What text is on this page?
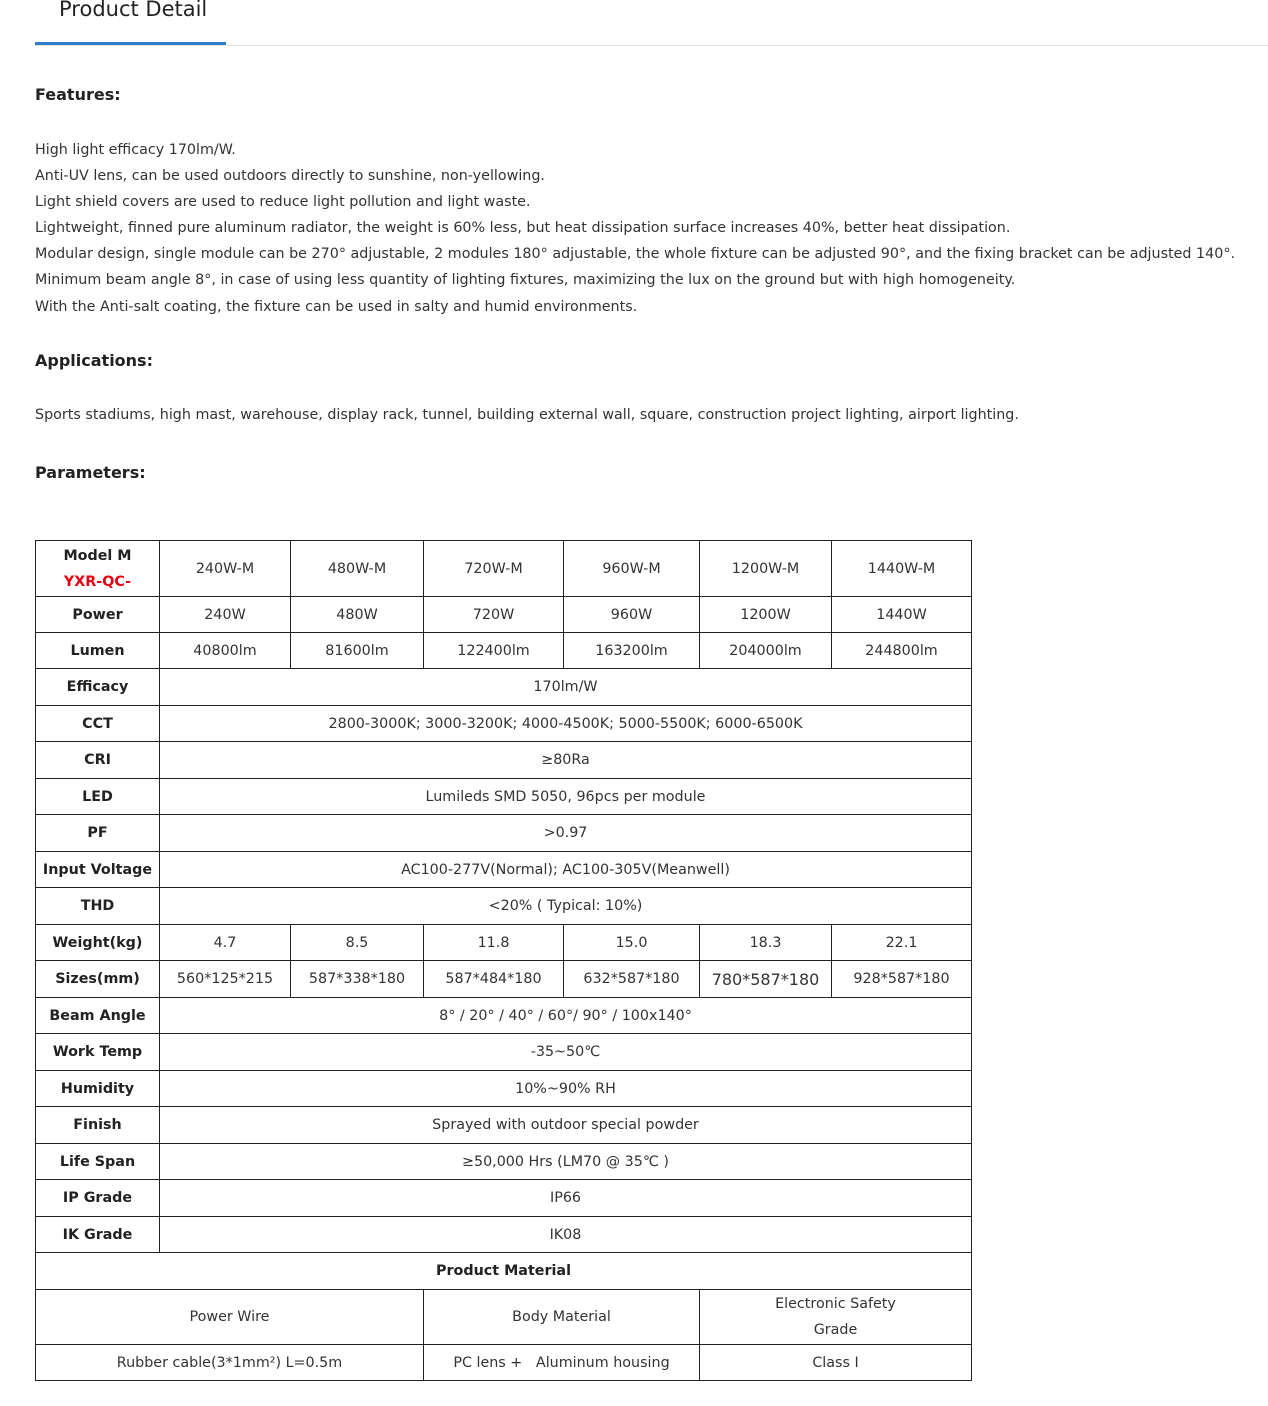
Product Detail
Features:
High light efficacy 170lm/W.
Anti-UV lens, can be used outdoors directly to sunshine, non-yellowing.
Light shield covers are used to reduce light pollution and light waste.
Lightweight, finned pure aluminum radiator, the weight is 60% less, but heat dissipation surface increases 40%, better heat dissipation.
Modular design, single module can be 270° adjustable, 2 modules 180° adjustable, the whole fixture can be adjusted 90°, and the fixing bracket can be adjusted 140°.
Minimum beam angle 8°, in case of using less quantity of lighting fixtures, maximizing the lux on the ground but with high homogeneity.
With the Anti-salt coating, the fixture can be used in salty and humid environments.
Applications:

Sports stadiums, high mast, warehouse, display rack, tunnel, building external wall, square, construction project lighting, airport lighting.

Parameters:
Model M
YXR-QC-	240W-M	480W-M	720W-M	960W-M	1200W-M	1440W-M
Power	240W	480W	720W	960W	1200W	1440W
Lumen	40800lm	81600lm	122400lm	163200lm	204000lm	244800lm
Efficacy	170lm/W					
CCT	2800-3000K; 3000-3200K; 4000-4500K; 5000-5500K; 6000-6500K					
CRI	≥80Ra					
LED	Lumileds SMD 5050, 96pcs per module					
PF	>0.97					
Input Voltage	AC100-277V(Normal); AC100-305V(Meanwell)					
THD	<20% ( Typical: 10%)					
Weight(kg)	4.7	8.5	11.8	15.0	18.3	22.1
Sizes(mm)	560*125*215	587*338*180	587*484*180	632*587*180	780*587*180	928*587*180
Beam Angle	8° / 20° / 40° / 60°/ 90° / 100x140°					
Work Temp	-35~50℃					
Humidity	10%~90% RH					
Finish	Sprayed with outdoor special powder					
Life Span	≥50,000 Hrs (LM70 @ 35℃ )					
IP Grade	IP66					
IK Grade	IK08					
Product Material						
Power Wire			Body Material		Electronic Safety Grade	
Rubber cable(3*1mm²) L=0.5m			PC lens +   Aluminum housing		Class Ⅰ	
